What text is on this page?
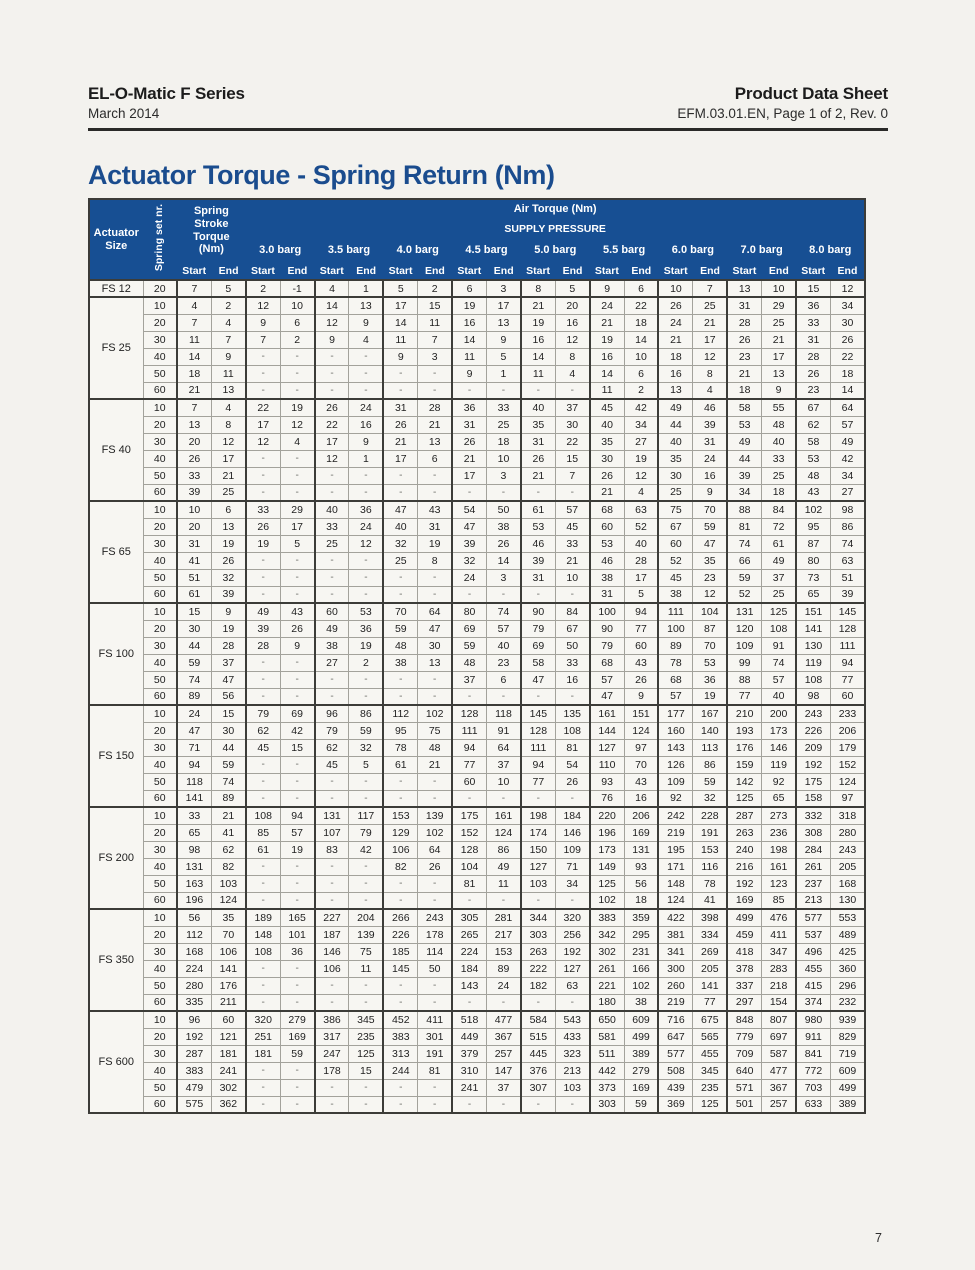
EL-O-Matic F Series
March 2014
Product Data Sheet
EFM.03.01.EN, Page 1 of 2, Rev. 0
Actuator Torque - Spring Return (Nm)
Actuator Size	Spring set nr.	Spring Stroke Torque (Nm)		Air Torque (Nm)																	
				SUPPLY PRESSURE																	
				3.0 barg		3.5 barg		4.0 barg		4.5 barg		5.0 barg		5.5 barg		6.0 barg		7.0 barg		8.0 barg	
		Start	End	Start	End	Start	End	Start	End	Start	End	Start	End	Start	End	Start	End	Start	End	Start	End
FS 12	20	7	5	2	-1	4	1	5	2	6	3	8	5	9	6	10	7	13	10	15	12
FS 25	10	4	2	12	10	14	13	17	15	19	17	21	20	24	22	26	25	31	29	36	34
	20	7	4	9	6	12	9	14	11	16	13	19	16	21	18	24	21	28	25	33	30
	30	11	7	7	2	9	4	11	7	14	9	16	12	19	14	21	17	26	21	31	26
	40	14	9	-	-	-	-	9	3	11	5	14	8	16	10	18	12	23	17	28	22
	50	18	11	-	-	-	-	-	-	9	1	11	4	14	6	16	8	21	13	26	18
	60	21	13	-	-	-	-	-	-	-	-	-	-	11	2	13	4	18	9	23	14
FS 40	10	7	4	22	19	26	24	31	28	36	33	40	37	45	42	49	46	58	55	67	64
	20	13	8	17	12	22	16	26	21	31	25	35	30	40	34	44	39	53	48	62	57
	30	20	12	12	4	17	9	21	13	26	18	31	22	35	27	40	31	49	40	58	49
	40	26	17	-	-	12	1	17	6	21	10	26	15	30	19	35	24	44	33	53	42
	50	33	21	-	-	-	-	-	-	17	3	21	7	26	12	30	16	39	25	48	34
	60	39	25	-	-	-	-	-	-	-	-	-	-	21	4	25	9	34	18	43	27
FS 65	10	10	6	33	29	40	36	47	43	54	50	61	57	68	63	75	70	88	84	102	98
	20	20	13	26	17	33	24	40	31	47	38	53	45	60	52	67	59	81	72	95	86
	30	31	19	19	5	25	12	32	19	39	26	46	33	53	40	60	47	74	61	87	74
	40	41	26	-	-	-	-	25	8	32	14	39	21	46	28	52	35	66	49	80	63
	50	51	32	-	-	-	-	-	-	24	3	31	10	38	17	45	23	59	37	73	51
	60	61	39	-	-	-	-	-	-	-	-	-	-	31	5	38	12	52	25	65	39
FS 100	10	15	9	49	43	60	53	70	64	80	74	90	84	100	94	111	104	131	125	151	145
	20	30	19	39	26	49	36	59	47	69	57	79	67	90	77	100	87	120	108	141	128
	30	44	28	28	9	38	19	48	30	59	40	69	50	79	60	89	70	109	91	130	111
	40	59	37	-	-	27	2	38	13	48	23	58	33	68	43	78	53	99	74	119	94
	50	74	47	-	-	-	-	-	-	37	6	47	16	57	26	68	36	88	57	108	77
	60	89	56	-	-	-	-	-	-	-	-	-	-	47	9	57	19	77	40	98	60
FS 150	10	24	15	79	69	96	86	112	102	128	118	145	135	161	151	177	167	210	200	243	233
	20	47	30	62	42	79	59	95	75	111	91	128	108	144	124	160	140	193	173	226	206
	30	71	44	45	15	62	32	78	48	94	64	111	81	127	97	143	113	176	146	209	179
	40	94	59	-	-	45	5	61	21	77	37	94	54	110	70	126	86	159	119	192	152
	50	118	74	-	-	-	-	-	-	60	10	77	26	93	43	109	59	142	92	175	124
	60	141	89	-	-	-	-	-	-	-	-	-	-	76	16	92	32	125	65	158	97
FS 200	10	33	21	108	94	131	117	153	139	175	161	198	184	220	206	242	228	287	273	332	318
	20	65	41	85	57	107	79	129	102	152	124	174	146	196	169	219	191	263	236	308	280
	30	98	62	61	19	83	42	106	64	128	86	150	109	173	131	195	153	240	198	284	243
	40	131	82	-	-	-	-	82	26	104	49	127	71	149	93	171	116	216	161	261	205
	50	163	103	-	-	-	-	-	-	81	11	103	34	125	56	148	78	192	123	237	168
	60	196	124	-	-	-	-	-	-	-	-	-	-	102	18	124	41	169	85	213	130
FS 350	10	56	35	189	165	227	204	266	243	305	281	344	320	383	359	422	398	499	476	577	553
	20	112	70	148	101	187	139	226	178	265	217	303	256	342	295	381	334	459	411	537	489
	30	168	106	108	36	146	75	185	114	224	153	263	192	302	231	341	269	418	347	496	425
	40	224	141	-	-	106	11	145	50	184	89	222	127	261	166	300	205	378	283	455	360
	50	280	176	-	-	-	-	-	-	143	24	182	63	221	102	260	141	337	218	415	296
	60	335	211	-	-	-	-	-	-	-	-	-	-	180	38	219	77	297	154	374	232
FS 600	10	96	60	320	279	386	345	452	411	518	477	584	543	650	609	716	675	848	807	980	939
	20	192	121	251	169	317	235	383	301	449	367	515	433	581	499	647	565	779	697	911	829
	30	287	181	181	59	247	125	313	191	379	257	445	323	511	389	577	455	709	587	841	719
	40	383	241	-	-	178	15	244	81	310	147	376	213	442	279	508	345	640	477	772	609
	50	479	302	-	-	-	-	-	-	241	37	307	103	373	169	439	235	571	367	703	499
	60	575	362	-	-	-	-	-	-	-	-	-	-	303	59	369	125	501	257	633	389
7
